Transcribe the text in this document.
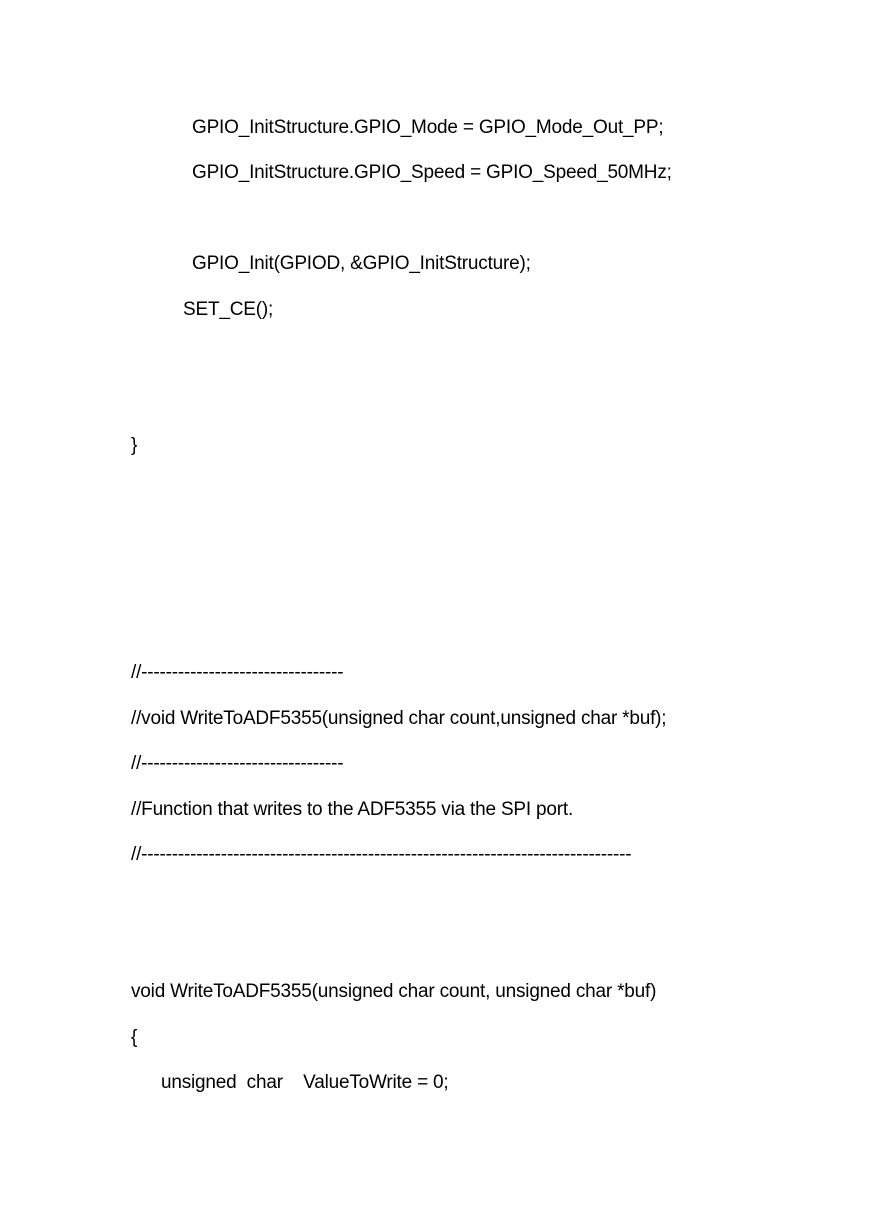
GPIO_InitStructure.GPIO_Mode = GPIO_Mode_Out_PP;
GPIO_InitStructure.GPIO_Speed = GPIO_Speed_50MHz;
GPIO_Init(GPIOD, &GPIO_InitStructure);
SET_CE();
}
//---------------------------------
//void WriteToADF5355(unsigned char count,unsigned char *buf);
//---------------------------------
//Function that writes to the ADF5355 via the SPI port.
//--------------------------------------------------------------------------------
void WriteToADF5355(unsigned char count, unsigned char *buf)
{
unsigned  char    ValueToWrite = 0;
